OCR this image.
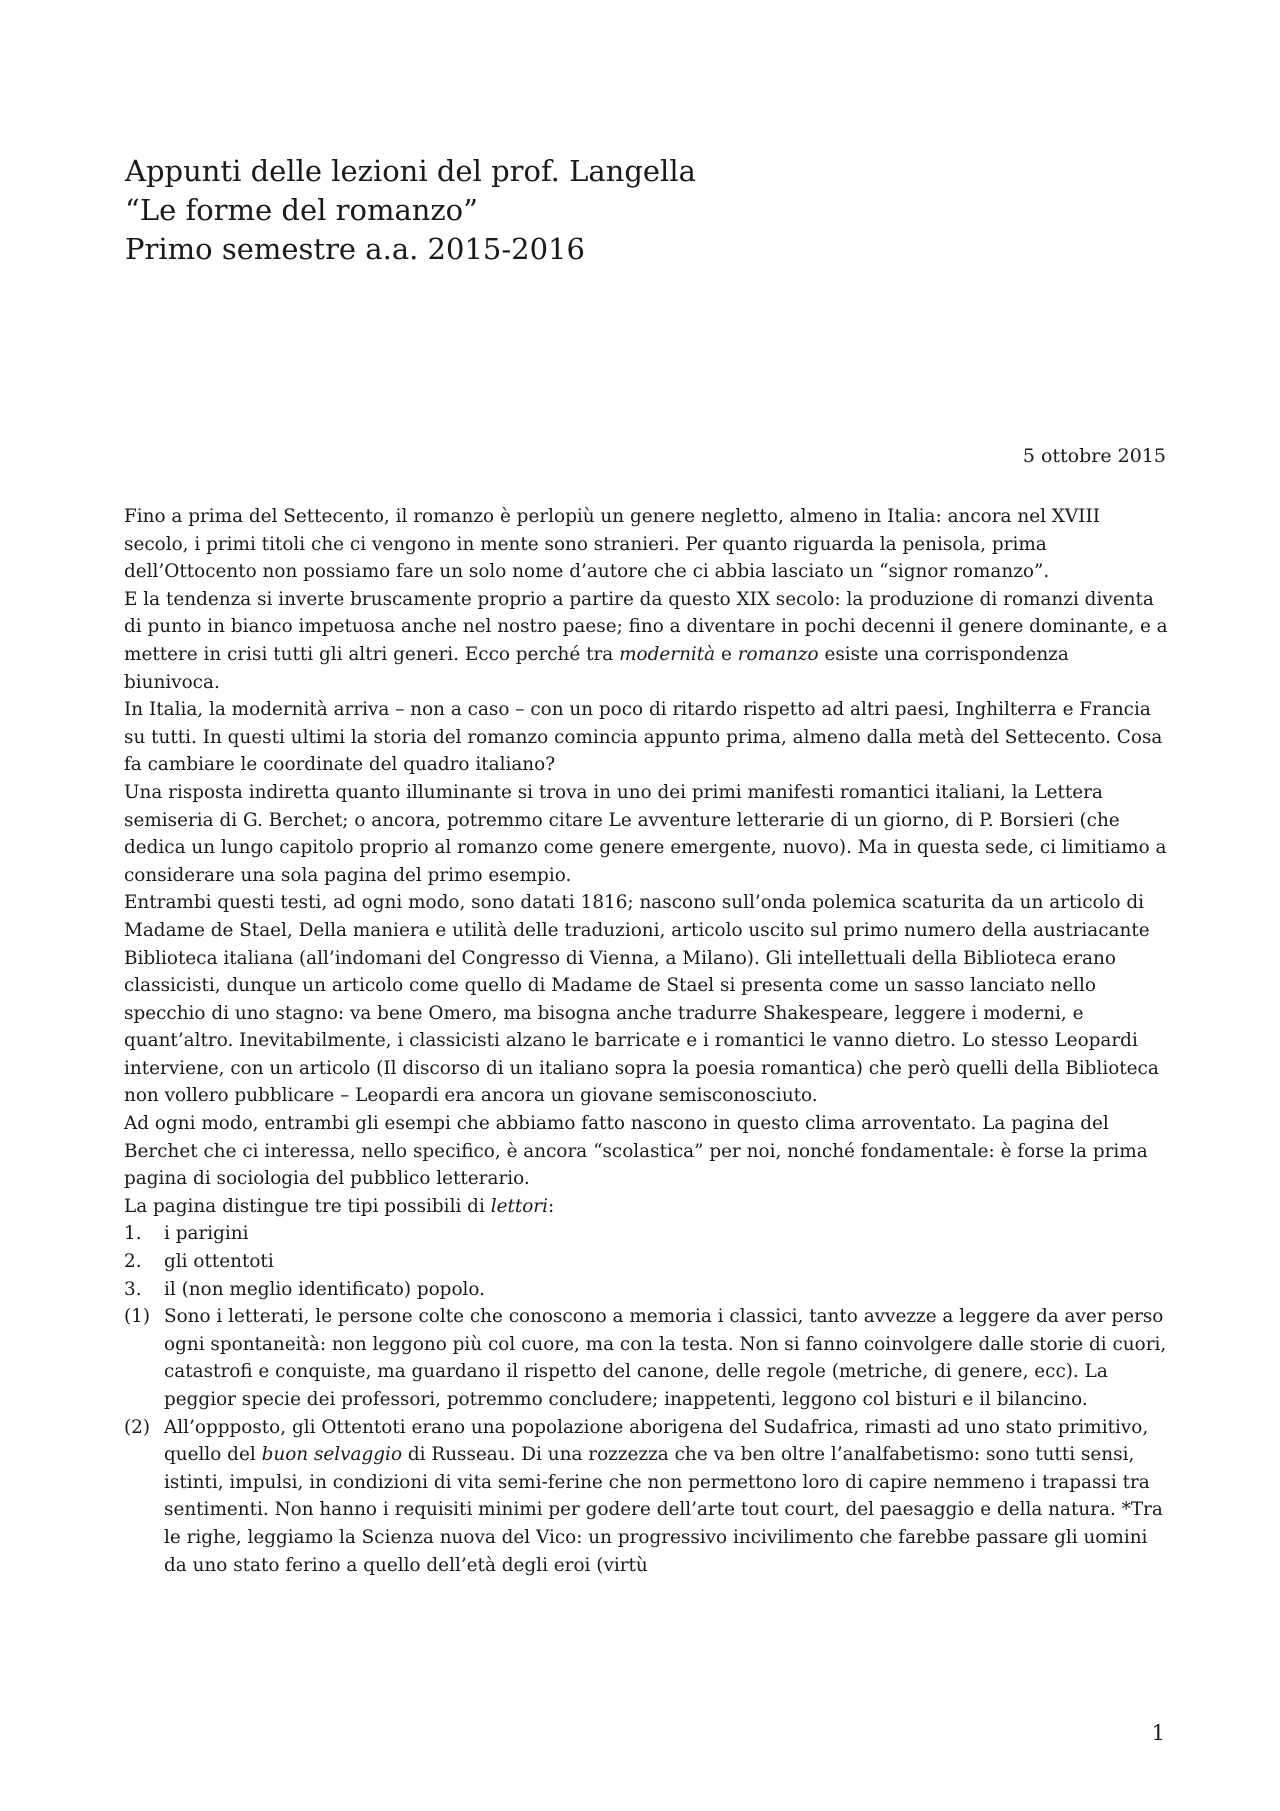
Appunti delle lezioni del prof. Langella
“Le forme del romanzo”
Primo semestre a.a. 2015-2016
5 ottobre 2015

Fino a prima del Settecento, il romanzo è perlopiù un genere negletto, almeno in Italia: ancora nel XVIII secolo, i primi titoli che ci vengono in mente sono stranieri. Per quanto riguarda la penisola, prima dell’Ottocento non possiamo fare un solo nome d’autore che ci abbia lasciato un “signor romanzo”.

E la tendenza si inverte bruscamente proprio a partire da questo XIX secolo: la produzione di romanzi diventa di punto in bianco impetuosa anche nel nostro paese; fino a diventare in pochi decenni il genere dominante, e a mettere in crisi tutti gli altri generi. Ecco perché tra modernità e romanzo esiste una corrispondenza biunivoca.

In Italia, la modernità arriva – non a caso – con un poco di ritardo rispetto ad altri paesi, Inghilterra e Francia su tutti. In questi ultimi la storia del romanzo comincia appunto prima, almeno dalla metà del Settecento. Cosa fa cambiare le coordinate del quadro italiano?

Una risposta indiretta quanto illuminante si trova in uno dei primi manifesti romantici italiani, la Lettera semiseria di G. Berchet; o ancora, potremmo citare Le avventure letterarie di un giorno, di P. Borsieri (che dedica un lungo capitolo proprio al romanzo come genere emergente, nuovo). Ma in questa sede, ci limitiamo a considerare una sola pagina del primo esempio.

Entrambi questi testi, ad ogni modo, sono datati 1816; nascono sull’onda polemica scaturita da un articolo di Madame de Stael, Della maniera e utilità delle traduzioni, articolo uscito sul primo numero della austriacante Biblioteca italiana (all’indomani del Congresso di Vienna, a Milano). Gli intellettuali della Biblioteca erano classicisti, dunque un articolo come quello di Madame de Stael si presenta come un sasso lanciato nello specchio di uno stagno: va bene Omero, ma bisogna anche tradurre Shakespeare, leggere i moderni, e quant’altro. Inevitabilmente, i classicisti alzano le barricate e i romantici le vanno dietro. Lo stesso Leopardi interviene, con un articolo (Il discorso di un italiano sopra la poesia romantica) che però quelli della Biblioteca non vollero pubblicare – Leopardi era ancora un giovane semisconosciuto.

Ad ogni modo, entrambi gli esempi che abbiamo fatto nascono in questo clima arroventato. La pagina del Berchet che ci interessa, nello specifico, è ancora “scolastica” per noi, nonché fondamentale: è forse la prima pagina di sociologia del pubblico letterario.

La pagina distingue tre tipi possibili di lettori:

1.	i parigini
2.	gli ottentoti
3.	il (non meglio identificato) popolo.
(1) Sono i letterati, le persone colte che conoscono a memoria i classici, tanto avvezze a leggere da aver perso ogni spontaneità: non leggono più col cuore, ma con la testa. Non si fanno coinvolgere dalle storie di cuori, catastrofi e conquiste, ma guardano il rispetto del canone, delle regole (metriche, di genere, ecc). La peggior specie dei professori, potremmo concludere; inappetenti, leggono col bisturi e il bilancino.
(2) All’oppposto, gli Ottentoti erano una popolazione aborigena del Sudafrica, rimasti ad uno stato primitivo, quello del buon selvaggio di Russeau. Di una rozzezza che va ben oltre l’analfabetismo: sono tutti sensi, istinti, impulsi, in condizioni di vita semi-ferine che non permettono loro di capire nemmeno i trapassi tra sentimenti. Non hanno i requisiti minimi per godere dell’arte tout court, del paesaggio e della natura. *Tra le righe, leggiamo la Scienza nuova del Vico: un progressivo incivilimento che farebbe passare gli uomini da uno stato ferino a quello dell’età degli eroi (virtù
1
